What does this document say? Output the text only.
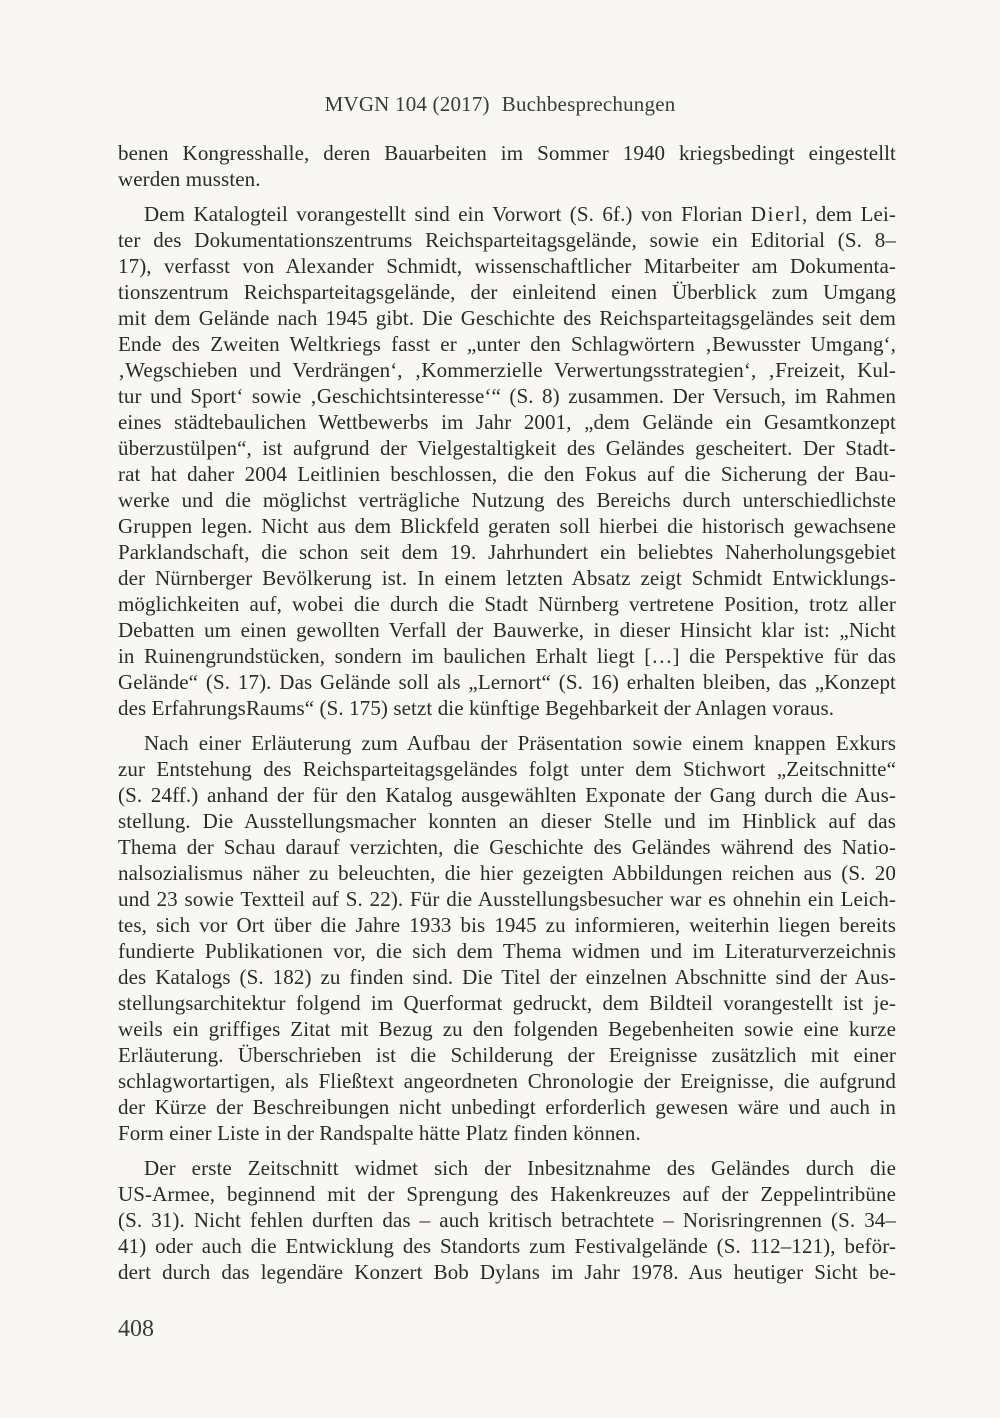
MVGN 104 (2017) Buchbesprechungen
benen Kongresshalle, deren Bauarbeiten im Sommer 1940 kriegsbedingt eingestellt
werden mussten.
Dem Katalogteil vorangestellt sind ein Vorwort (S. 6f.) von Florian Dierl, dem Lei-
ter des Dokumentationszentrums Reichsparteitagsgelände, sowie ein Editorial (S. 8–
17), verfasst von Alexander Schmidt, wissenschaftlicher Mitarbeiter am Dokumenta-
tionszentrum Reichsparteitagsgelände, der einleitend einen Überblick zum Umgang
mit dem Gelände nach 1945 gibt. Die Geschichte des Reichsparteitagsgeländes seit dem
Ende des Zweiten Weltkriegs fasst er „unter den Schlagwörtern ‚Bewusster Umgang‘,
‚Wegschieben und Verdrängen‘, ‚Kommerzielle Verwertungsstrategien‘, ‚Freizeit, Kul-
tur und Sport‘ sowie ‚Geschichtsinteresse‘“ (S. 8) zusammen. Der Versuch, im Rahmen
eines städtebaulichen Wettbewerbs im Jahr 2001, „dem Gelände ein Gesamtkonzept
überzustülpen“, ist aufgrund der Vielgestaltigkeit des Geländes gescheitert. Der Stadt-
rat hat daher 2004 Leitlinien beschlossen, die den Fokus auf die Sicherung der Bau-
werke und die möglichst verträgliche Nutzung des Bereichs durch unterschiedlichste
Gruppen legen. Nicht aus dem Blickfeld geraten soll hierbei die historisch gewachsene
Parklandschaft, die schon seit dem 19. Jahrhundert ein beliebtes Naherholungsgebiet
der Nürnberger Bevölkerung ist. In einem letzten Absatz zeigt Schmidt Entwicklungs-
möglichkeiten auf, wobei die durch die Stadt Nürnberg vertretene Position, trotz aller
Debatten um einen gewollten Verfall der Bauwerke, in dieser Hinsicht klar ist: „Nicht
in Ruinengrundstücken, sondern im baulichen Erhalt liegt […] die Perspektive für das
Gelände“ (S. 17). Das Gelände soll als „Lernort“ (S. 16) erhalten bleiben, das „Konzept
des ErfahrungsRaums“ (S. 175) setzt die künftige Begehbarkeit der Anlagen voraus.
Nach einer Erläuterung zum Aufbau der Präsentation sowie einem knappen Exkurs
zur Entstehung des Reichsparteitagsgeländes folgt unter dem Stichwort „Zeitschnitte“
(S. 24ff.) anhand der für den Katalog ausgewählten Exponate der Gang durch die Aus-
stellung. Die Ausstellungsmacher konnten an dieser Stelle und im Hinblick auf das
Thema der Schau darauf verzichten, die Geschichte des Geländes während des Natio-
nalsozialismus näher zu beleuchten, die hier gezeigten Abbildungen reichen aus (S. 20
und 23 sowie Textteil auf S. 22). Für die Ausstellungsbesucher war es ohnehin ein Leich-
tes, sich vor Ort über die Jahre 1933 bis 1945 zu informieren, weiterhin liegen bereits
fundierte Publikationen vor, die sich dem Thema widmen und im Literaturverzeichnis
des Katalogs (S. 182) zu finden sind. Die Titel der einzelnen Abschnitte sind der Aus-
stellungsarchitektur folgend im Querformat gedruckt, dem Bildteil vorangestellt ist je-
weils ein griffiges Zitat mit Bezug zu den folgenden Begebenheiten sowie eine kurze
Erläuterung. Überschrieben ist die Schilderung der Ereignisse zusätzlich mit einer
schlagwortartigen, als Fließtext angeordneten Chronologie der Ereignisse, die aufgrund
der Kürze der Beschreibungen nicht unbedingt erforderlich gewesen wäre und auch in
Form einer Liste in der Randspalte hätte Platz finden können.
Der erste Zeitschnitt widmet sich der Inbesitznahme des Geländes durch die
US-Armee, beginnend mit der Sprengung des Hakenkreuzes auf der Zeppelintribüne
(S. 31). Nicht fehlen durften das – auch kritisch betrachtete – Norisringrennen (S. 34–
41) oder auch die Entwicklung des Standorts zum Festivalgelände (S. 112–121), beför-
dert durch das legendäre Konzert Bob Dylans im Jahr 1978. Aus heutiger Sicht be-
408
